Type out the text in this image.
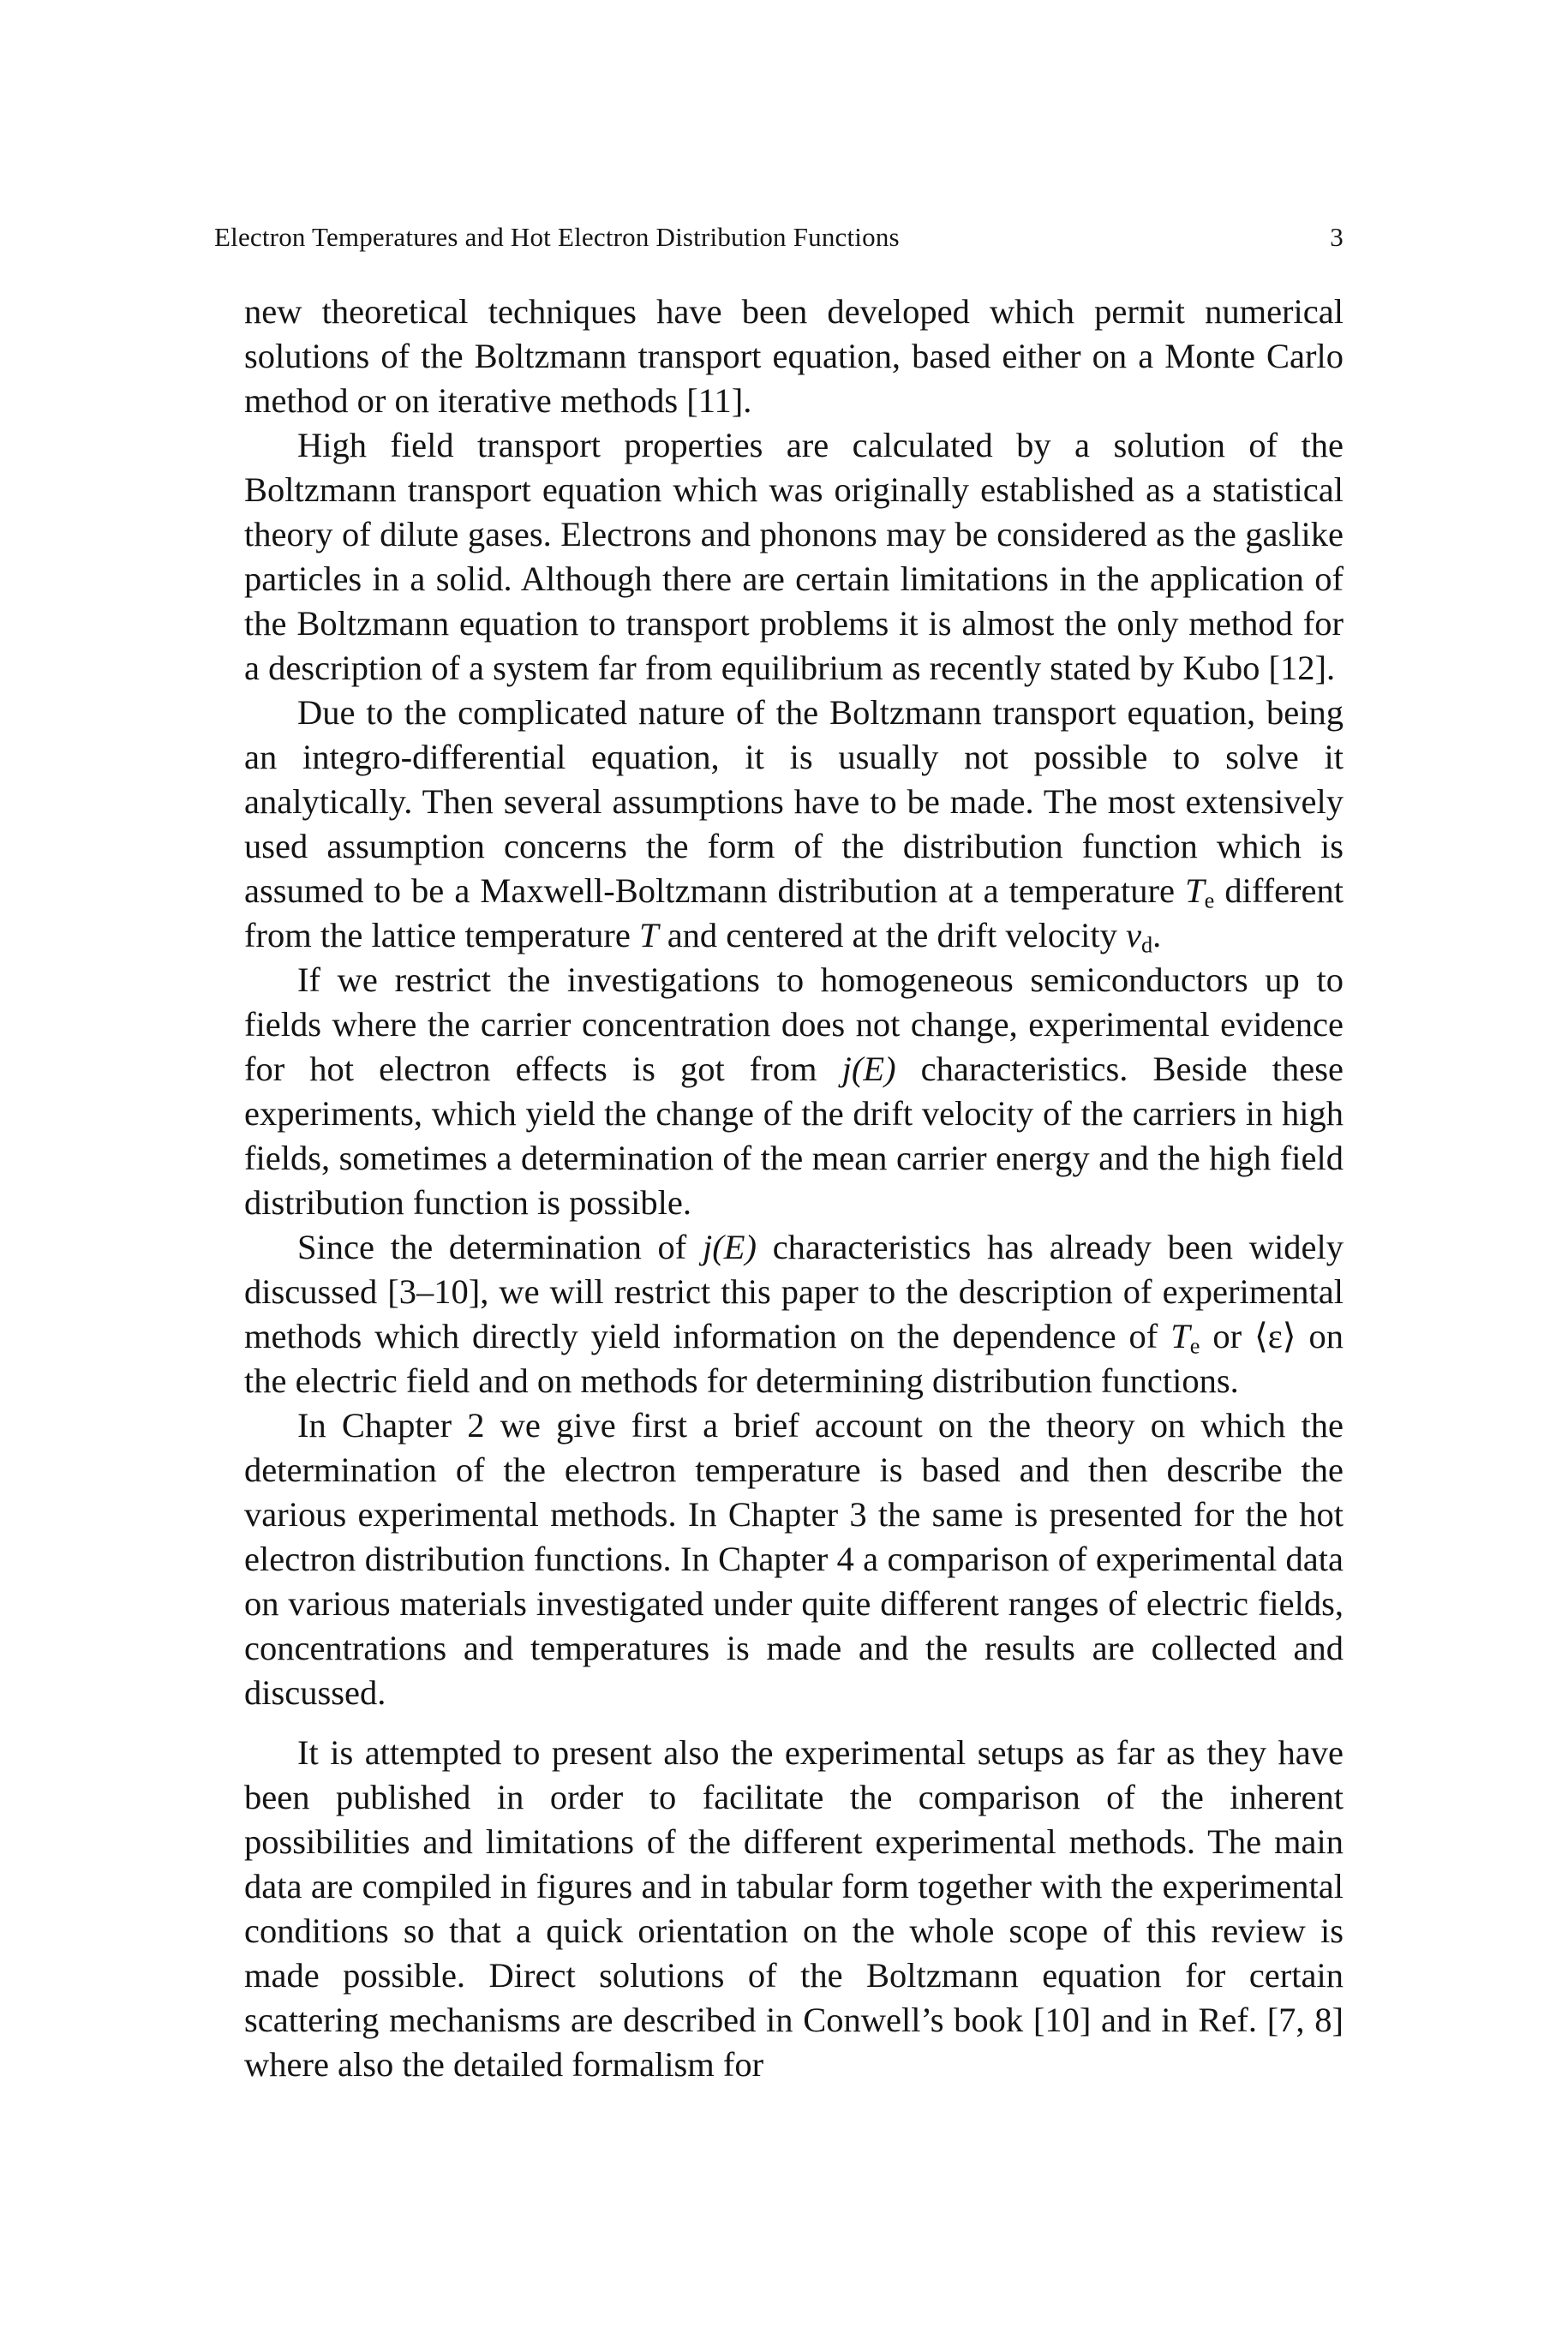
Electron Temperatures and Hot Electron Distribution Functions	3

new theoretical techniques have been developed which permit numerical solutions of the Boltzmann transport equation, based either on a Monte Carlo method or on iterative methods [11].

High field transport properties are calculated by a solution of the Boltzmann transport equation which was originally established as a statistical theory of dilute gases. Electrons and phonons may be considered as the gaslike particles in a solid. Although there are certain limitations in the application of the Boltzmann equation to transport problems it is almost the only method for a description of a system far from equilibrium as recently stated by Kubo [12].

Due to the complicated nature of the Boltzmann transport equation, being an integro-differential equation, it is usually not possible to solve it analytically. Then several assumptions have to be made. The most extensively used assumption concerns the form of the distribution function which is assumed to be a Maxwell-Boltzmann distribution at a temperature $T_e$ different from the lattice temperature T and centered at the drift velocity $v_d$.

If we restrict the investigations to homogeneous semiconductors up to fields where the carrier concentration does not change, experimental evidence for hot electron effects is got from j(E) characteristics. Beside these experiments, which yield the change of the drift velocity of the carriers in high fields, sometimes a determination of the mean carrier energy and the high field distribution function is possible.

Since the determination of j(E) characteristics has already been widely discussed [3–10], we will restrict this paper to the description of experimental methods which directly yield information on the dependence of $T_e$ or ⟨ε⟩ on the electric field and on methods for determining distribution functions.

In Chapter 2 we give first a brief account on the theory on which the determination of the electron temperature is based and then describe the various experimental methods. In Chapter 3 the same is presented for the hot electron distribution functions. In Chapter 4 a comparison of experimental data on various materials investigated under quite different ranges of electric fields, concentrations and temperatures is made and the results are collected and discussed.

It is attempted to present also the experimental setups as far as they have been published in order to facilitate the comparison of the inherent possibilities and limitations of the different experimental methods. The main data are compiled in figures and in tabular form together with the experimental conditions so that a quick orientation on the whole scope of this review is made possible. Direct solutions of the Boltzmann equation for certain scattering mechanisms are described in Conwell’s book [10] and in Ref. [7, 8] where also the detailed formalism for
